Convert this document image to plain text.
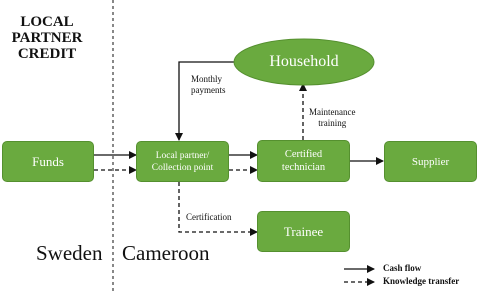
LOCAL
PARTNER
CREDIT
Sweden Cameroon
Funds	Local partner/
Collection point
Certified
technician	Supplier
Household
Trainee
Monthly
payments
Maintenance
training
Certification
Cash flow
Knowledge transfer
